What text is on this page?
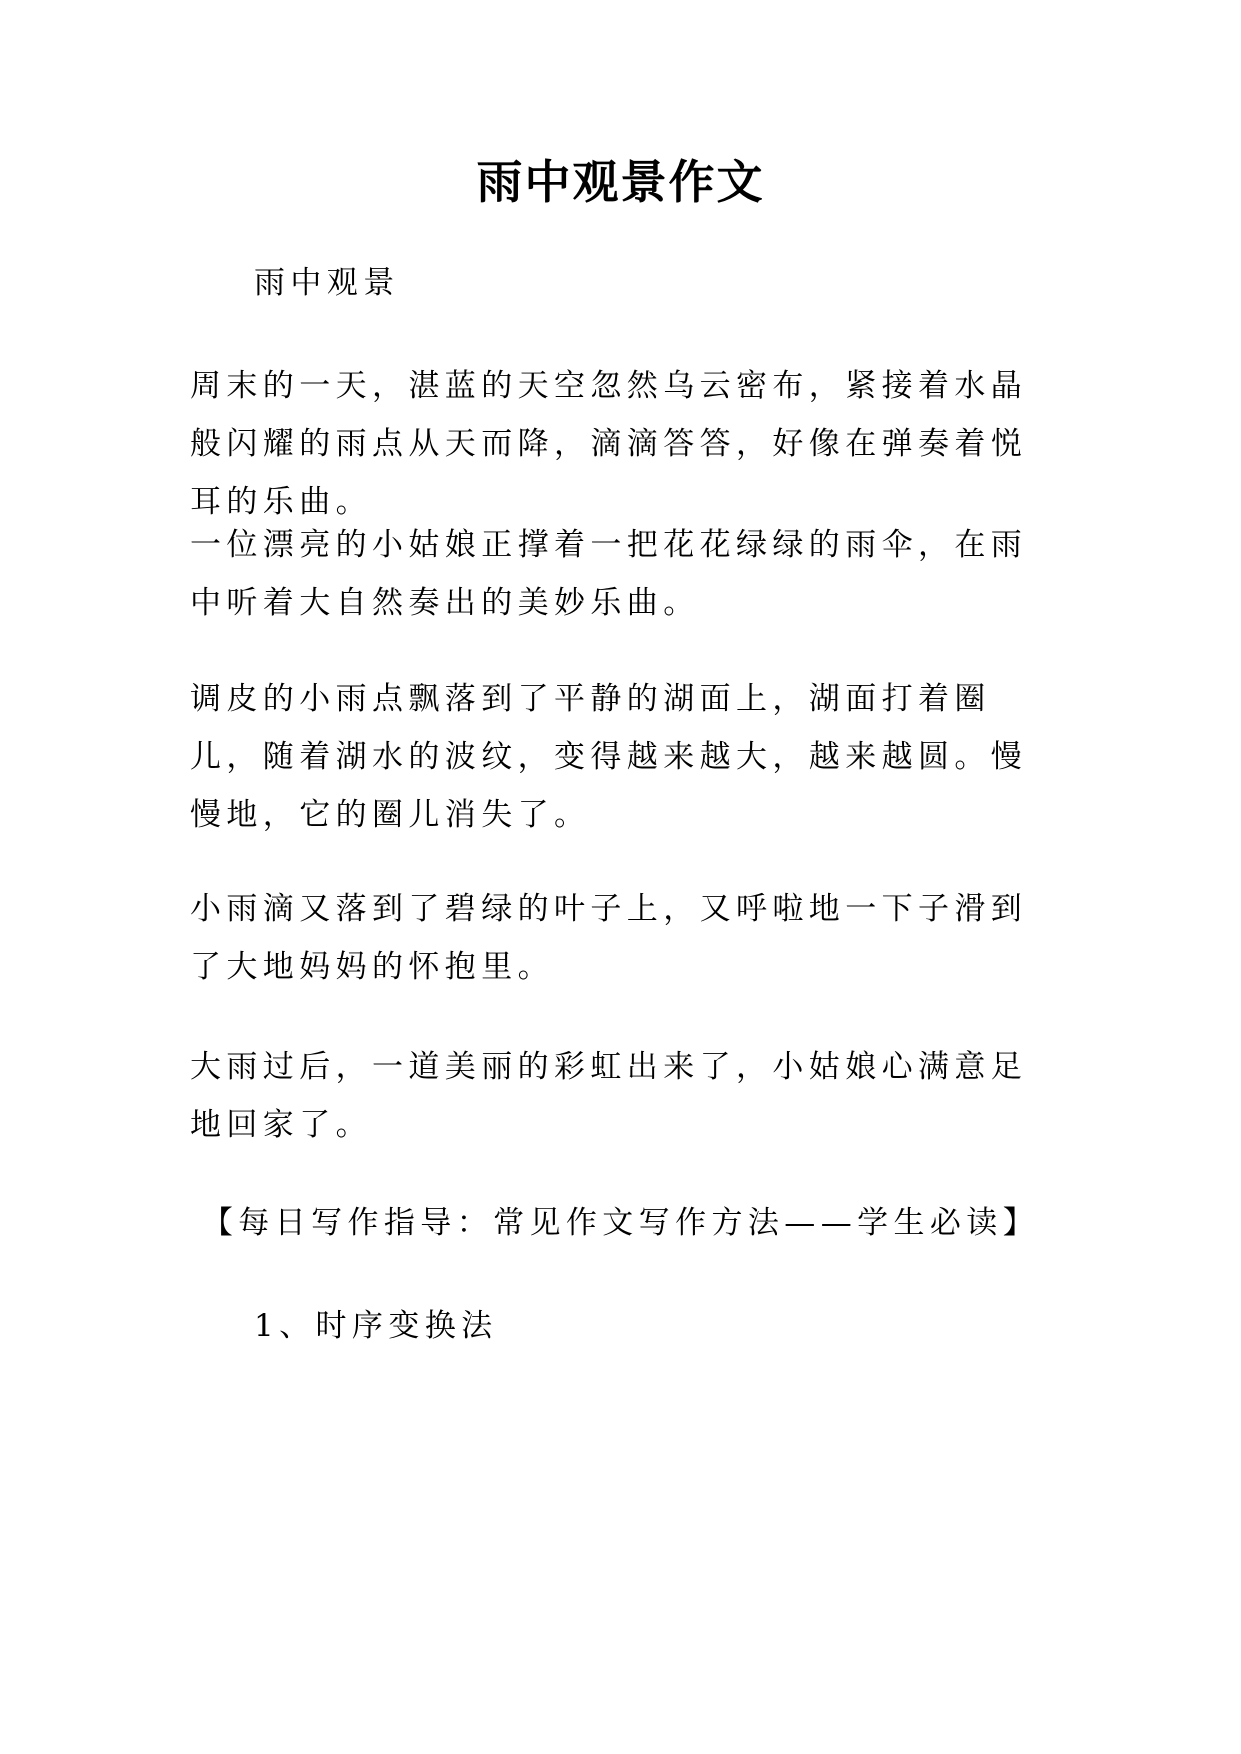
雨中观景作文
雨中观景
周末的一天，湛蓝的天空忽然乌云密布，紧接着水晶般闪耀的雨点从天而降，滴滴答答，好像在弹奏着悦耳的乐曲。
一位漂亮的小姑娘正撑着一把花花绿绿的雨伞，在雨中听着大自然奏出的美妙乐曲。
调皮的小雨点飘落到了平静的湖面上，湖面打着圈儿，随着湖水的波纹，变得越来越大，越来越圆。慢慢地，它的圈儿消失了。
小雨滴又落到了碧绿的叶子上，又呼啦地一下子滑到了大地妈妈的怀抱里。
大雨过后，一道美丽的彩虹出来了，小姑娘心满意足地回家了。
【每日写作指导：常见作文写作方法——学生必读】
1、时序变换法
